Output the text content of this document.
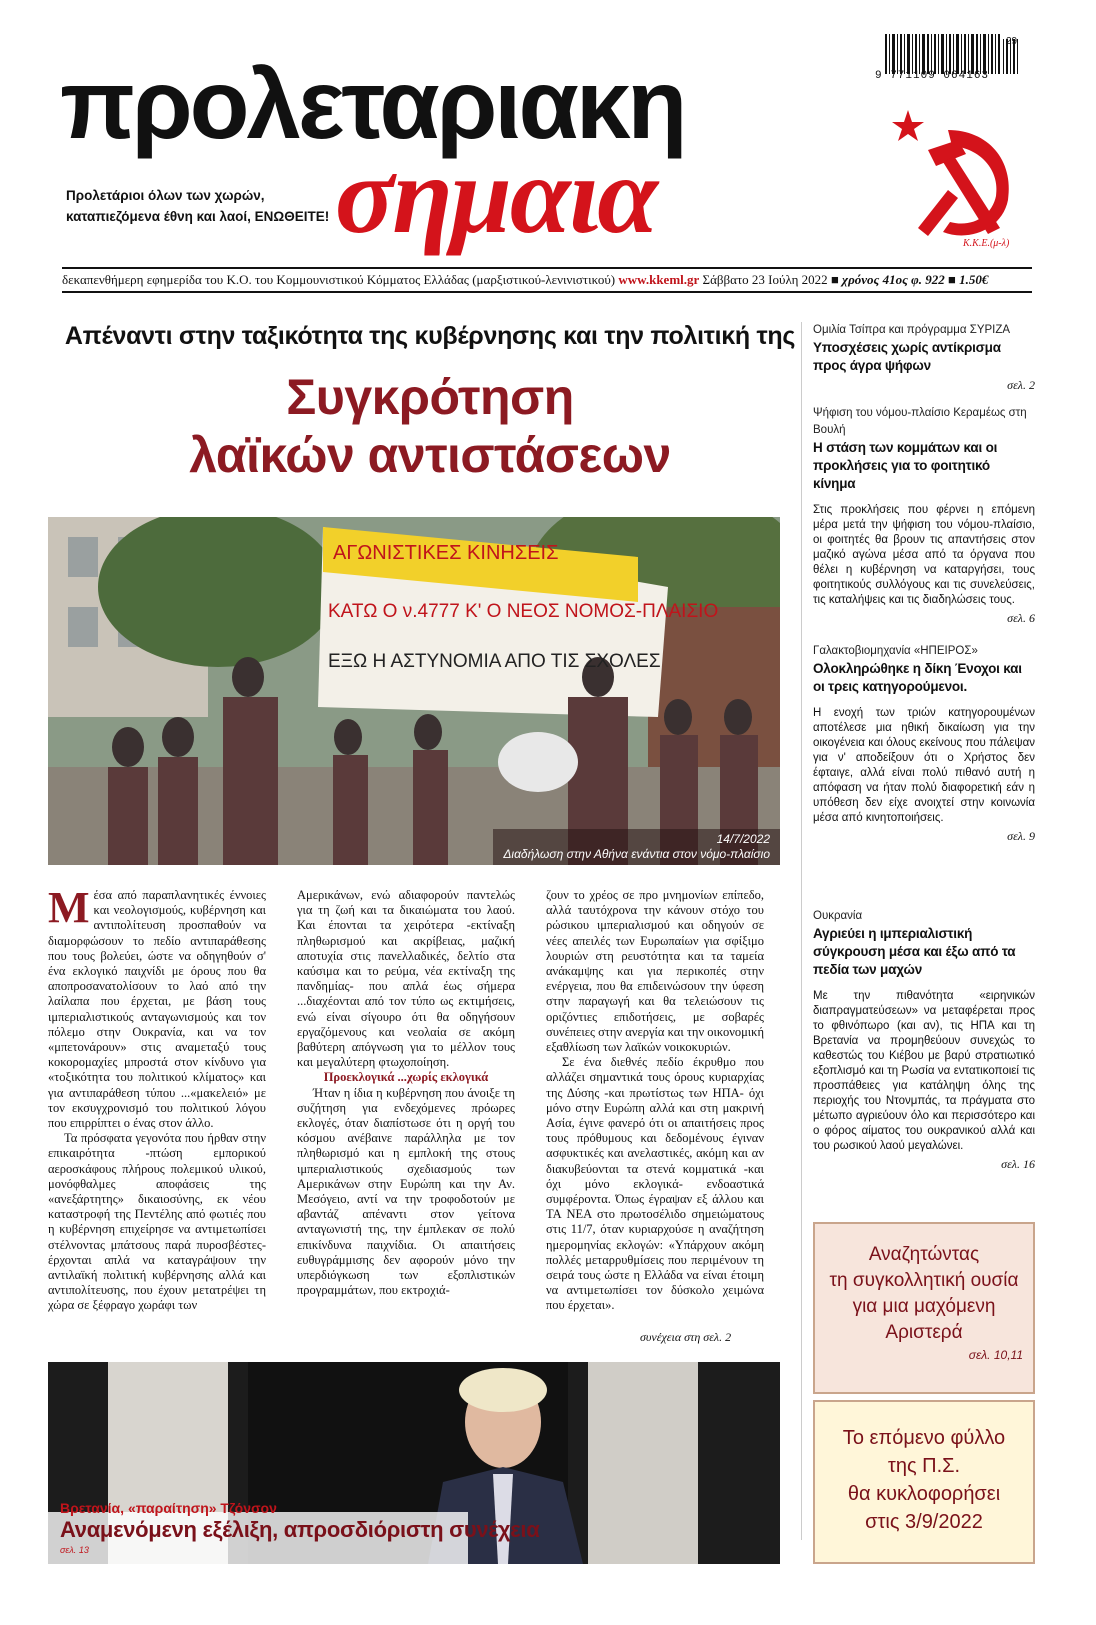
προλεταριακη
σημαια
Προλετάριοι όλων των χωρών, καταπιεζόμενα έθνη και λαοί, ΕΝΩΘΕΙΤΕ!
9 771109 064163
29
Κ.Κ.Ε.(μ-λ)
δεκαπενθήμερη εφημερίδα του Κ.Ο. του Κομμουνιστικού Κόμματος Ελλάδας (μαρξιστικού-λενινιστικού) www.kkeml.gr Σάββατο 23 Ιούλη 2022 ■ χρόνος 41ος φ. 922 ■ 1.50€
Απέναντι στην ταξικότητα της κυβέρνησης και την πολιτική της
Συγκρότηση
λαϊκών αντιστάσεων
ΑΓΩΝΙΣΤΙΚΕΣ ΚΙΝΗΣΕΙΣ
ΚΑΤΩ Ο ν.4777 Κ' Ο ΝΕΟΣ ΝΟΜΟΣ-ΠΛΑΙΣΙΟ
ΕΞΩ Η ΑΣΤΥΝΟΜΙΑ ΑΠΟ ΤΙΣ ΣΧΟΛΕΣ
14/7/2022
Διαδήλωση στην Αθήνα ενάντια στον νόμο-πλαίσιο

Μέσα από παραπλανητικές έννοιες και νεολογισμούς, κυβέρνηση και αντιπολίτευση προσπαθούν να διαμορφώσουν το πεδίο αντιπαράθεσης που τους βολεύει, ώστε να οδηγηθούν σ' ένα εκλογικό παιχνίδι με όρους που θα αποπροσανατολίσουν το λαό από την λαίλαπα που έρχεται, με βάση τους ιμπεριαλιστικούς ανταγωνισμούς και τον πόλεμο στην Ουκρανία, και να τον «μπετονάρουν» στις αναμεταξύ τους κοκορομαχίες μπροστά στον κίνδυνο για «τοξικότητα του πολιτικού κλίματος» και για αντιπαράθεση τύπου ...«μακελειό» με τον εκσυγχρονισμό του πολιτικού λόγου που επιρρίπτει ο ένας στον άλλο.

Τα πρόσφατα γεγονότα που ήρθαν στην επικαιρότητα -πτώση εμπορικού αεροσκάφους πλήρους πολεμικού υλικού, μονόφθαλμες αποφάσεις της «ανεξάρτητης» δικαιοσύνης, εκ νέου καταστροφή της Πεντέλης από φωτιές που η κυβέρνηση επιχείρησε να αντιμετωπίσει στέλνοντας μπάτσους παρά πυροσβέστες- έρχονται απλά να καταγράψουν την αντιλαϊκή πολιτική κυβέρνησης αλλά και αντιπολίτευσης, που έχουν μετατρέψει τη χώρα σε ξέφραγο χωράφι των

Αμερικάνων, ενώ αδιαφορούν παντελώς για τη ζωή και τα δικαιώματα του λαού. Και έπονται τα χειρότερα -εκτίναξη πληθωρισμού και ακρίβειας, μαζική αποτυχία στις πανελλαδικές, δελτίο στα καύσιμα και το ρεύμα, νέα εκτίναξη της πανδημίας- που απλά έως σήμερα ...διαχέονται από τον τύπο ως εκτιμήσεις, ενώ είναι σίγουρο ότι θα οδηγήσουν εργαζόμενους και νεολαία σε ακόμη βαθύτερη απόγνωση για το μέλλον τους και μεγαλύτερη φτωχοποίηση.

Προεκλογικά ...χωρίς εκλογικά

Ήταν η ίδια η κυβέρνηση που άνοιξε τη συζήτηση για ενδεχόμενες πρόωρες εκλογές, όταν διαπίστωσε ότι η οργή του κόσμου ανέβαινε παράλληλα με τον πληθωρισμό και η εμπλοκή της στους ιμπεριαλιστικούς σχεδιασμούς των Αμερικάνων στην Ευρώπη και την Αν. Μεσόγειο, αντί να την τροφοδοτούν με αβαντάζ απέναντι στον γείτονα ανταγωνιστή της, την έμπλεκαν σε πολύ επικίνδυνα παιχνίδια. Οι απαιτήσεις ευθυγράμμισης δεν αφορούν μόνο την υπερδιόγκωση των εξοπλιστικών προγραμμάτων, που εκτροχιά-

ζουν το χρέος σε προ μνημονίων επίπεδο, αλλά ταυτόχρονα την κάνουν στόχο του ρώσικου ιμπεριαλισμού και οδηγούν σε νέες απειλές των Ευρωπαίων για σφίξιμο λουριών στη ρευστότητα και τα ταμεία ανάκαμψης και για περικοπές στην ενέργεια, που θα επιδεινώσουν την ύφεση στην παραγωγή και θα τελειώσουν τις οριζόντιες επιδοτήσεις, με σοβαρές συνέπειες στην ανεργία και την οικονομική εξαθλίωση των λαϊκών νοικοκυριών.

Σε ένα διεθνές πεδίο έκρυθμο που αλλάζει σημαντικά τους όρους κυριαρχίας της Δύσης -και πρωτίστως των ΗΠΑ- όχι μόνο στην Ευρώπη αλλά και στη μακρινή Ασία, έγινε φανερό ότι οι απαιτήσεις προς τους πρόθυμους και δεδομένους έγιναν ασφυκτικές και ανελαστικές, ακόμη και αν διακυβεύονται τα στενά κομματικά -και όχι μόνο εκλογικά- ενδοαστικά συμφέροντα. Όπως έγραψαν εξ άλλου και ΤΑ ΝΕΑ στο πρωτοσέλιδο σημειώματους στις 11/7, όταν κυριαρχούσε η αναζήτηση ημερομηνίας εκλογών: «Υπάρχουν ακόμη πολλές μεταρρυθμίσεις που περιμένουν τη σειρά τους ώστε η Ελλάδα να είναι έτοιμη να αντιμετωπίσει τον δύσκολο χειμώνα που έρχεται».

συνέχεια στη σελ. 2
Βρετανία, «παραίτηση» Τζόνσον
Αναμενόμενη εξέλιξη, απροσδιόριστη συνέχεια
σελ. 13
Ομιλία Τσίπρα και πρόγραμμα ΣΥΡΙΖΑ
Υποσχέσεις χωρίς αντίκρισμα προς άγρα ψήφων
σελ. 2
Ψήφιση του νόμου-πλαίσιο Κεραμέως στη Βουλή
Η στάση των κομμάτων και οι προκλήσεις για το φοιτητικό κίνημα
Στις προκλήσεις που φέρνει η επόμενη μέρα μετά την ψήφιση του νόμου-πλαίσιο, οι φοιτητές θα βρουν τις απαντήσεις στον μαζικό αγώνα μέσα από τα όργανα που θέλει η κυβέρνηση να καταργήσει, τους φοιτητικούς συλλόγους και τις συνελεύσεις, τις καταλήψεις και τις διαδηλώσεις τους.
σελ. 6
Γαλακτοβιομηχανία «ΗΠΕΙΡΟΣ»
Ολοκληρώθηκε η δίκη Ένοχοι και οι τρεις κατηγορούμενοι.
Η ενοχή των τριών κατηγορουμένων αποτέλεσε μια ηθική δικαίωση για την οικογένεια και όλους εκείνους που πάλεψαν για ν' αποδείξουν ότι ο Χρήστος δεν έφταιγε, αλλά είναι πολύ πιθανό αυτή η απόφαση να ήταν πολύ διαφορετική εάν η υπόθεση δεν είχε ανοιχτεί στην κοινωνία μέσα από κινητοποιήσεις.
σελ. 9
Ουκρανία
Αγριεύει η ιμπεριαλιστική σύγκρουση μέσα και έξω από τα πεδία των μαχών
Με την πιθανότητα «ειρηνικών διαπραγματεύσεων» να μεταφέρεται προς το φθινόπωρο (και αν), τις ΗΠΑ και τη Βρετανία να προμηθεύουν συνεχώς το καθεστώς του Κιέβου με βαρύ στρατιωτικό εξοπλισμό και τη Ρωσία να εντατικοποιεί τις προσπάθειες για κατάληψη όλης της περιοχής του Ντονμπάς, τα πράγματα στο μέτωπο αγριεύουν όλο και περισσότερο και ο φόρος αίματος του ουκρανικού αλλά και του ρωσικού λαού μεγαλώνει.
σελ. 16
Αναζητώντας
τη συγκολλητική ουσία
για μια μαχόμενη
Αριστερά
σελ. 10,11
Το επόμενο φύλλο
της Π.Σ.
θα κυκλοφορήσει
στις 3/9/2022
